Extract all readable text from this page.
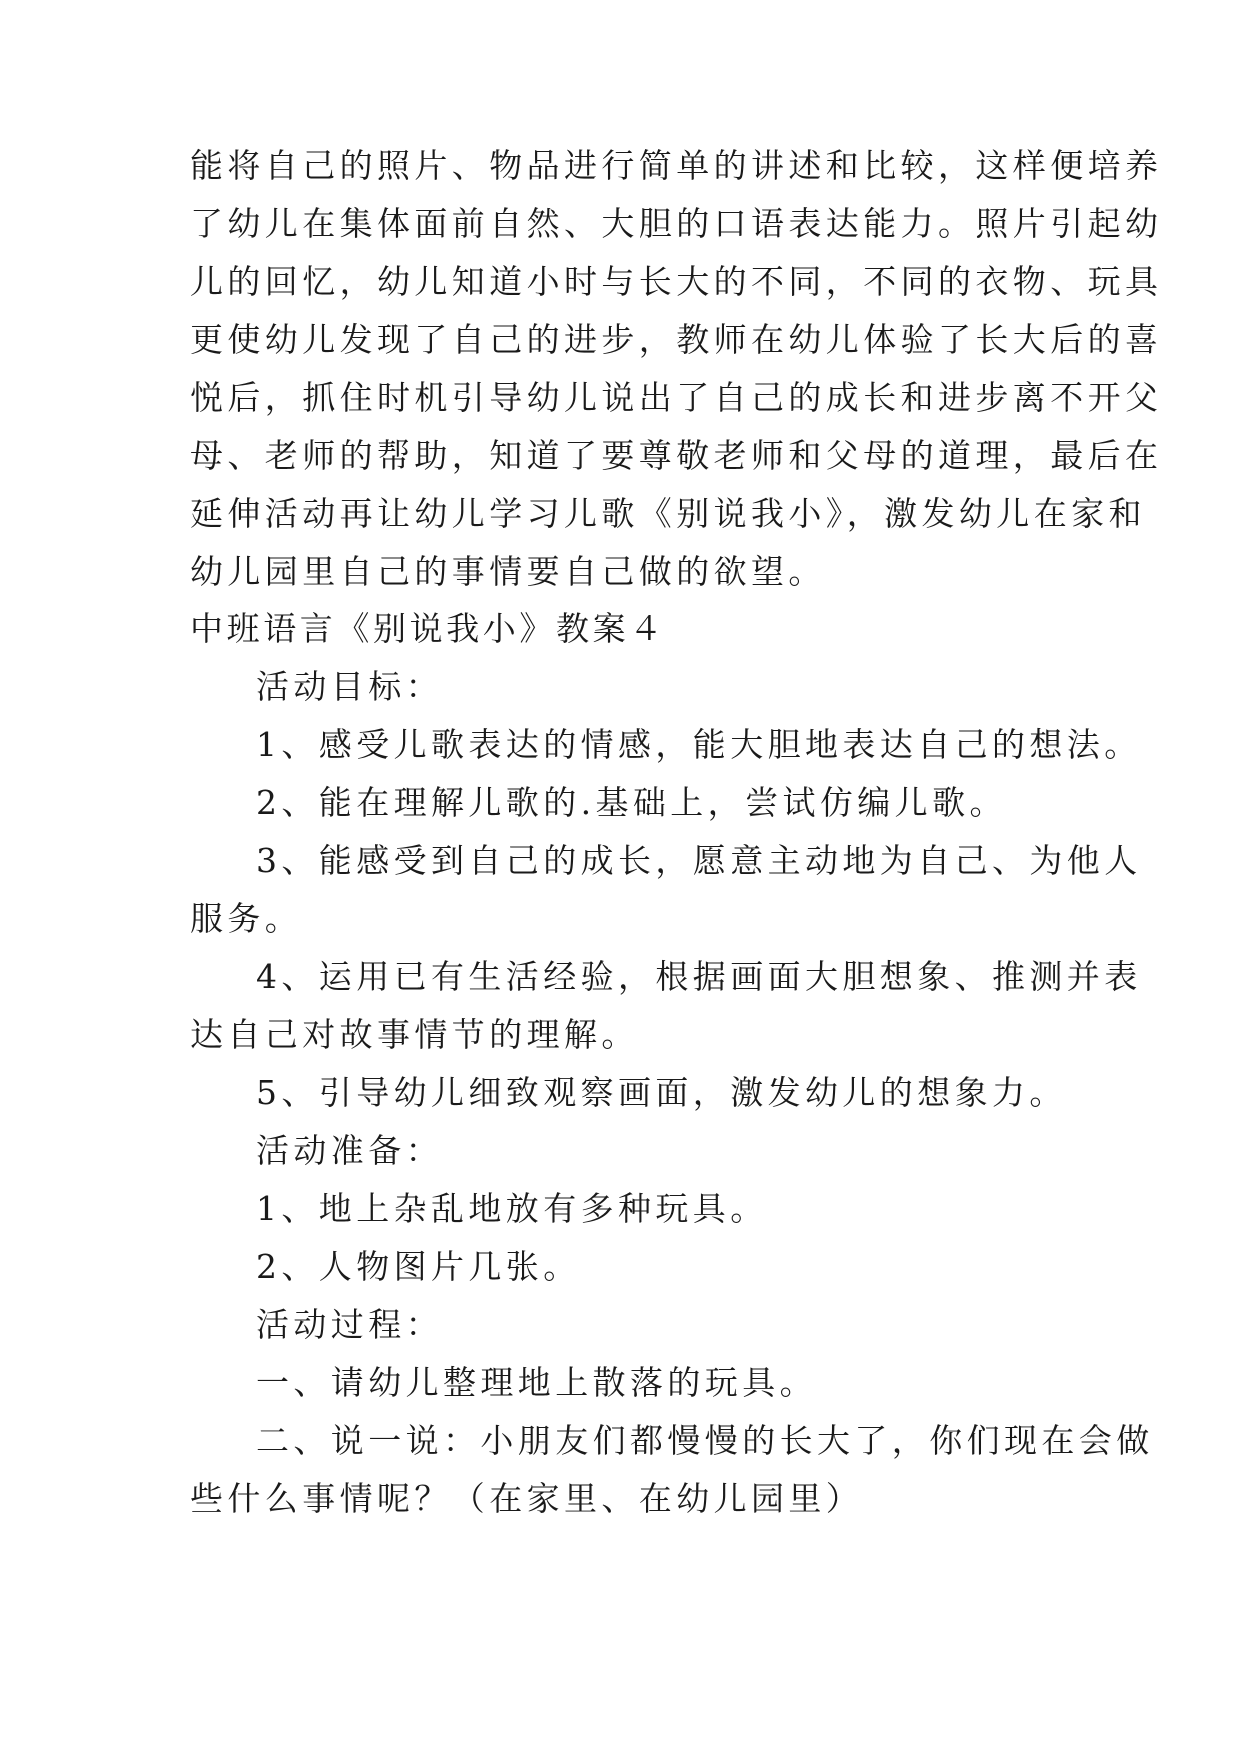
能将自己的照片、物品进行简单的讲述和比较，这样便培养

了幼儿在集体面前自然、大胆的口语表达能力。照片引起幼

儿的回忆，幼儿知道小时与长大的不同，不同的衣物、玩具

更使幼儿发现了自己的进步，教师在幼儿体验了长大后的喜

悦后，抓住时机引导幼儿说出了自己的成长和进步离不开父

母、老师的帮助，知道了要尊敬老师和父母的道理，最后在

延伸活动再让幼儿学习儿歌《别说我小》，激发幼儿在家和

幼儿园里自己的事情要自己做的欲望。

中班语言《别说我小》教案４

活动目标：

1、感受儿歌表达的情感，能大胆地表达自己的想法。

2、能在理解儿歌的.基础上，尝试仿编儿歌。

3、能感受到自己的成长，愿意主动地为自己、为他人

服务。

4、运用已有生活经验，根据画面大胆想象、推测并表

达自己对故事情节的理解。

5、引导幼儿细致观察画面，激发幼儿的想象力。

活动准备：

1、地上杂乱地放有多种玩具。

2、人物图片几张。

活动过程：

一、请幼儿整理地上散落的玩具。

二、说一说：小朋友们都慢慢的长大了，你们现在会做

些什么事情呢？（在家里、在幼儿园里）
